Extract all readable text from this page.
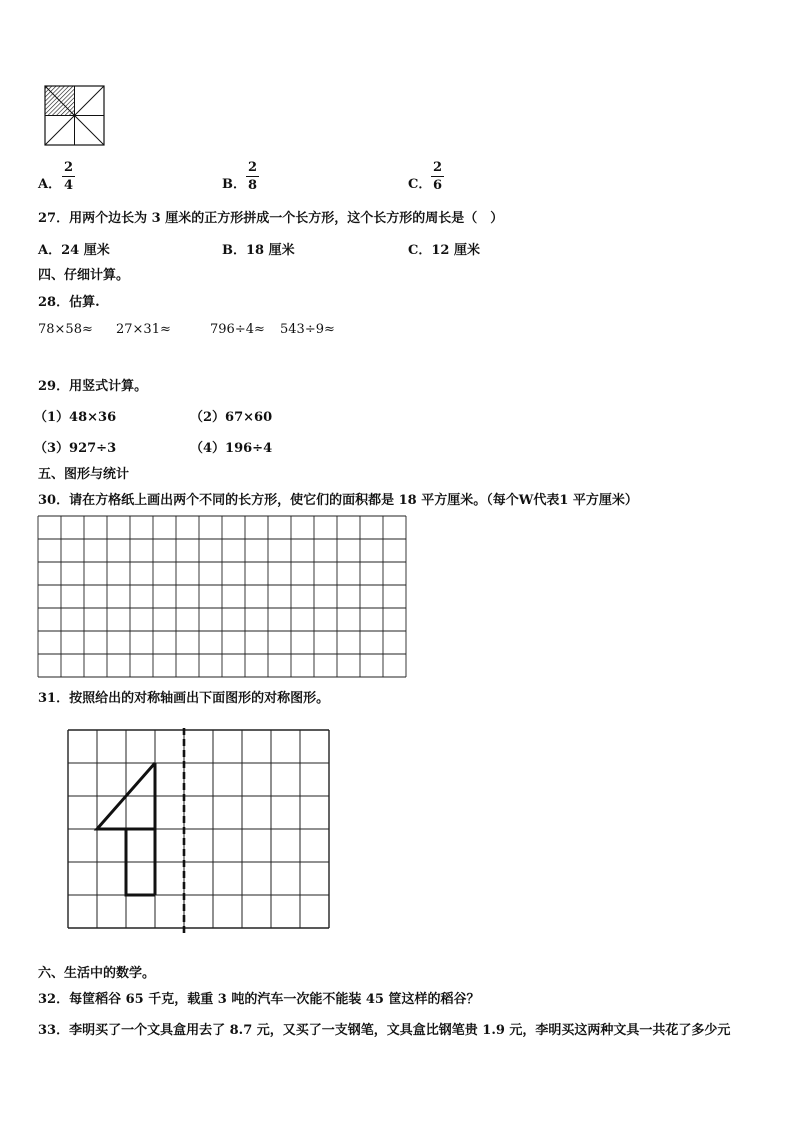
A．
2
4	B．
2
8	C．
2
6
27．用两个边长为 3 厘米的正方形拼成一个长方形，这个长方形的周长是（　）
A．24 厘米	B．18 厘米	C．12 厘米
四、仔细计算。
28．估算.
78×58≈ 27×31≈	796÷4≈ 543÷9≈
29．用竖式计算。
（1）48×36	（2）67×60
（3）927÷3	（4）196÷4
五、图形与统计
30．请在方格纸上画出两个不同的长方形，使它们的面积都是 18 平方厘米。（每个W代表1 平方厘米）
31．按照给出的对称轴画出下面图形的对称图形。
六、生活中的数学。
32．每筐稻谷 65 千克，载重 3 吨的汽车一次能不能装 45 筐这样的稻谷？
33．李明买了一个文具盒用去了 8.7 元，又买了一支钢笔，文具盒比钢笔贵 1.9 元，李明买这两种文具一共花了多少元
